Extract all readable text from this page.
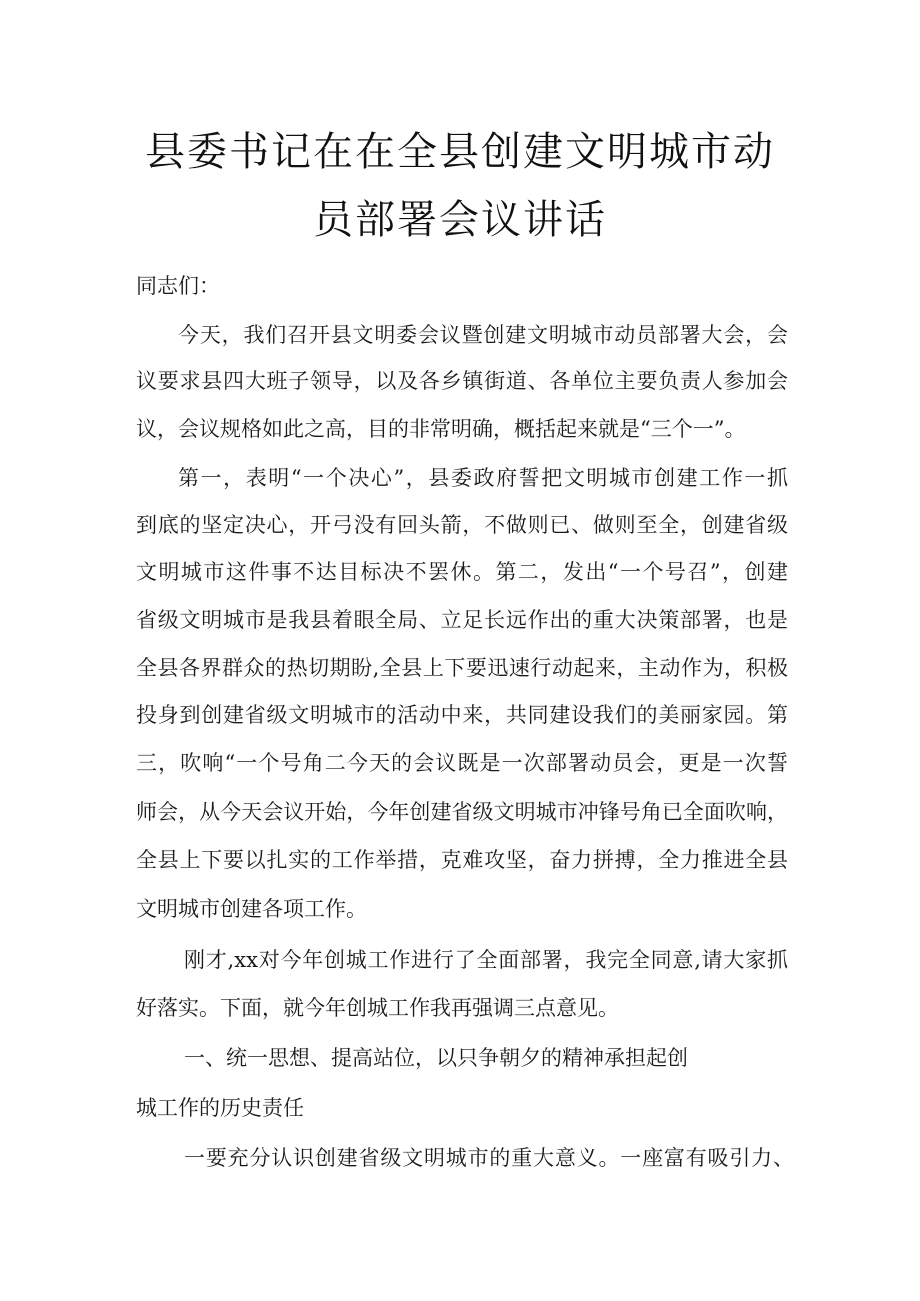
县委书记在在全县创建文明城市动
员部署会议讲话
同志们：
今天，我们召开县文明委会议暨创建文明城市动员部署大会，会
议要求县四大班子领导，以及各乡镇街道、各单位主要负责人参加会
议，会议规格如此之高，目的非常明确，概括起来就是“三个一”。
第一，表明“一个决心”，县委政府誓把文明城市创建工作一抓
到底的坚定决心，开弓没有回头箭，不做则已、做则至全，创建省级
文明城市这件事不达目标决不罢休。第二，发出“一个号召”，创建
省级文明城市是我县着眼全局、立足长远作出的重大决策部署，也是
全县各界群众的热切期盼,全县上下要迅速行动起来，主动作为，积极
投身到创建省级文明城市的活动中来，共同建设我们的美丽家园。第
三，吹响“一个号角二今天的会议既是一次部署动员会，更是一次誓
师会，从今天会议开始，今年创建省级文明城市冲锋号角已全面吹响，
全县上下要以扎实的工作举措，克难攻坚，奋力拼搏，全力推进全县
文明城市创建各项工作。
刚才,xx对今年创城工作进行了全面部署，我完全同意,请大家抓
好落实。下面，就今年创城工作我再强调三点意见。
一、统一思想、提高站位，以只争朝夕的精神承担起创
城工作的历史责任
一要充分认识创建省级文明城市的重大意义。一座富有吸引力、
